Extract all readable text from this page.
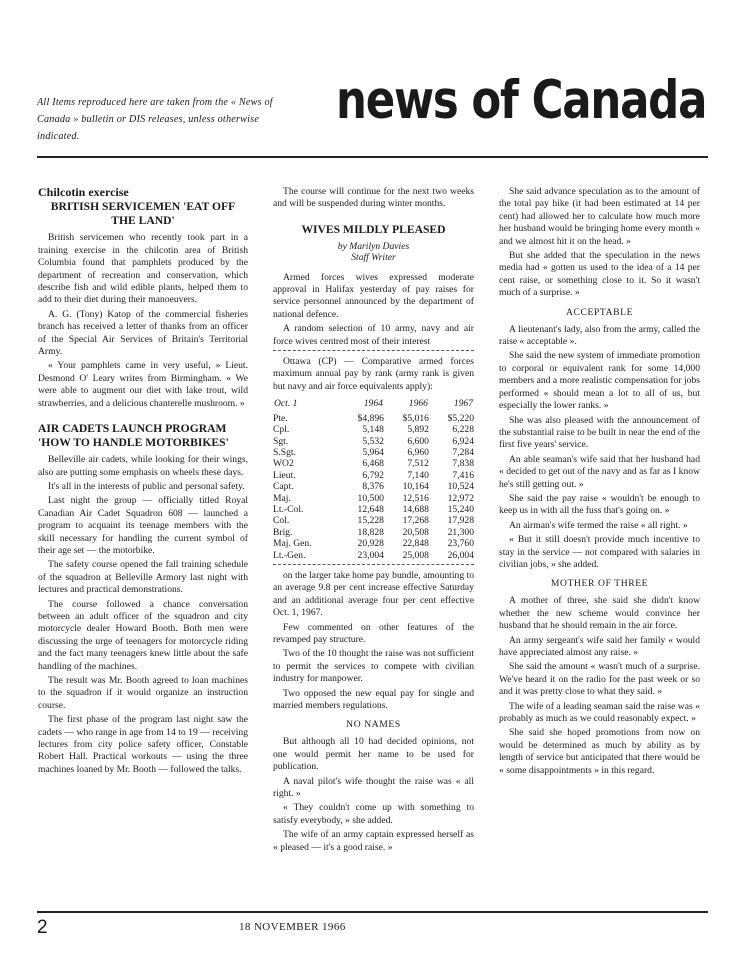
All Items reproduced here are taken from the « News of Canada » bulletin or DIS releases, unless otherwise indicated.
news of Canada
Chilcotin exercise
BRITISH SERVICEMEN 'EAT OFF THE LAND'

British servicemen who recently took part in a training exercise in the chilcotin area of British Columbia found that pamphlets produced by the department of recreation and conservation, which describe fish and wild edible plants, helped them to add to their diet during their manoeuvers.

A. G. (Tony) Katop of the commercial fisheries branch has received a letter of thanks from an officer of the Special Air Services of Britain's Territorial Army.

« Your pamphlets came in very useful, » Lieut. Desmond O' Leary writes from Birmingham. « We were able to augment our diet with lake trout, wild strawberries, and a delicious chanterelle mushroom. »

AIR CADETS LAUNCH PROGRAM 'HOW TO HANDLE MOTORBIKES'

Belleville air cadets, while looking for their wings, also are putting some emphasis on wheels these days.

It's all in the interests of public and personal safety.

Last night the group — officially titled Royal Canadian Air Cadet Squadron 608 — launched a program to acquaint its teenage members with the skill necessary for handling the current symbol of their age set — the motorbike.

The safety course opened the fall training schedule of the squadron at Belleville Armory last night with lectures and practical demonstrations.

The course followed a chance conversation between an adult officer of the squadron and city motorcycle dealer Howard Booth. Both men were discussing the urge of teenagers for motorcycle riding and the fact many teenagers knew little about the safe handling of the machines.

The result was Mr. Booth agreed to loan machines to the squadron if it would organize an instruction course.

The first phase of the program last night saw the cadets — who range in age from 14 to 19 — receiving lectures from city police safety officer, Constable Robert Hall. Practical workouts — using the three machines loaned by Mr. Booth — followed the talks.

The course will continue for the next two weeks and will be suspended during winter months.

WIVES MILDLY PLEASED
by Marilyn Davies
Staff Writer

Armed forces wives expressed moderate approval in Halifax yesterday of pay raises for service personnel announced by the department of national defence.

A random selection of 10 army, navy and air force wives centred most of their interest

Ottawa (CP) — Comparative armed forces maximum annual pay by rank (army rank is given but navy and air force equivalents apply):

Oct. 1	1964	1966	1967
Pte.	$4,896	$5,016	$5,220
Cpl.	5,148	5,892	6,228
Sgt.	5,532	6,600	6,924
S.Sgt.	5,964	6,960	7,284
WO2	6,468	7,512	7,838
Lieut.	6,792	7,140	7,416
Capt.	8,376	10,164	10,524
Maj.	10,500	12,516	12,972
Lt.-Col.	12,648	14,688	15,240
Col.	15,228	17,268	17,928
Brig.	18,828	20,508	21,300
Maj. Gen.	20,928	22,848	23,760
Lt.-Gen.	23,004	25,008	26,004

on the larger take home pay bundle, amounting to an average 9.8 per cent increase effective Saturday and an additional average four per cent effective Oct. 1, 1967.

Few commented on other features of the revamped pay structure.

Two of the 10 thought the raise was not sufficient to permit the services to compete with civilian industry for manpower.

Two opposed the new equal pay for single and married members regulations.

NO NAMES

But although all 10 had decided opinions, not one would permit her name to be used for publication.

A naval pilot's wife thought the raise was « all right. »

« They couldn't come up with something to satisfy everybody, » she added.

The wife of an army captain expressed herself as « pleased — it's a good raise. »

She said advance speculation as to the amount of the total pay hike (it had been estimated at 14 per cent) had allowed her to calculate how much more her husband would be bringing home every month « and we almost hit it on the head. »

But she added that the speculation in the news media had « gotten us used to the idea of a 14 per cent raise, or something close to it. So it wasn't much of a surprise. »

ACCEPTABLE

A lieutenant's lady, also from the army, called the raise « acceptable ».

She said the new system of immediate promotion to corporal or equivalent rank for some 14,000 members and a more realistic compensation for jobs performed « should mean a lot to all of us, but especially the lower ranks. »

She was also pleased with the announcement of the substantial raise to be built in near the end of the first five years' service.

An able seaman's wife said that her husband had « decided to get out of the navy and as far as I know he's still getting out. »

She said the pay raise « wouldn't be enough to keep us in with all the fuss that's going on. »

An airman's wife termed the raise « all right. »

« But it still doesn't provide much incentive to stay in the service — not compared with salaries in civilian jobs, » she added.

MOTHER OF THREE

A mother of three, she said she didn't know whether the new scheme would convince her husband that he should remain in the air force.

An army sergeant's wife said her family « would have appreciated almost any raise. »

She said the amount « wasn't much of a surprise. We've heard it on the radio for the past week or so and it was pretty close to what they said. »

The wife of a leading seaman said the raise was « probably as much as we could reasonably expect. »

She said she hoped promotions from now on would be determined as much by ability as by length of service but anticipated that there would be « some disappointments » in this regard.

2	18 NOVEMBER 1966
